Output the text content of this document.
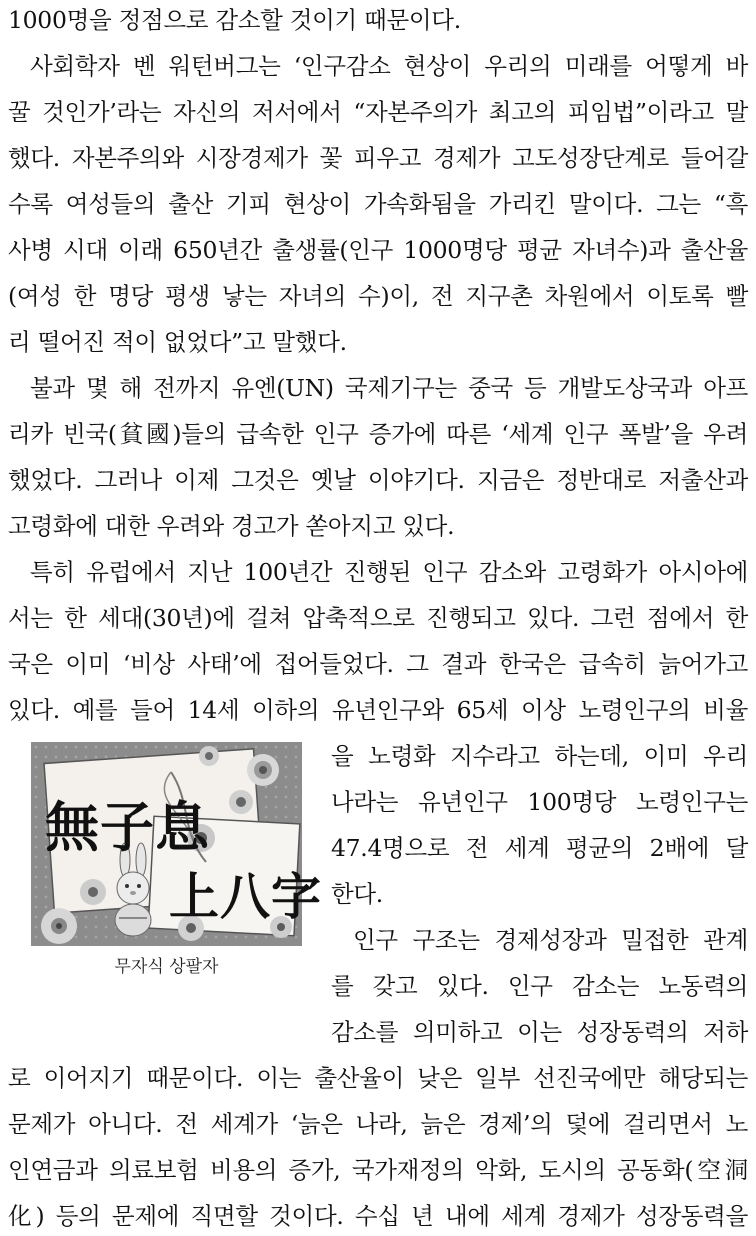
1000명을 정점으로 감소할 것이기 때문이다.
사회학자 벤 워턴버그는 ‘인구감소 현상이 우리의 미래를 어떻게 바
꿀 것인가’라는 자신의 저서에서 “자본주의가 최고의 피임법”이라고 말
했다. 자본주의와 시장경제가 꽃 피우고 경제가 고도성장단계로 들어갈
수록 여성들의 출산 기피 현상이 가속화됨을 가리킨 말이다. 그는 “흑
사병 시대 이래 650년간 출생률(인구 1000명당 평균 자녀수)과 출산율
(여성 한 명당 평생 낳는 자녀의 수)이, 전 지구촌 차원에서 이토록 빨
리 떨어진 적이 없었다”고 말했다.
불과 몇 해 전까지 유엔(UN) 국제기구는 중국 등 개발도상국과 아프
리카 빈국(貧國)들의 급속한 인구 증가에 따른 ‘세계 인구 폭발’을 우려
했었다. 그러나 이제 그것은 옛날 이야기다. 지금은 정반대로 저출산과
고령화에 대한 우려와 경고가 쏟아지고 있다.
특히 유럽에서 지난 100년간 진행된 인구 감소와 고령화가 아시아에
서는 한 세대(30년)에 걸쳐 압축적으로 진행되고 있다. 그런 점에서 한
국은 이미 ‘비상 사태’에 접어들었다. 그 결과 한국은 급속히 늙어가고
있다. 예를 들어 14세 이하의 유년인구와 65세 이상 노령인구의 비율
을 노령화 지수라고 하는데, 이미 우리
나라는 유년인구 100명당 노령인구는
47.4명으로 전 세계 평균의 2배에 달
한다.
인구 구조는 경제성장과 밀접한 관계
를 갖고 있다. 인구 감소는 노동력의
감소를 의미하고 이는 성장동력의 저하
로 이어지기 때문이다. 이는 출산율이 낮은 일부 선진국에만 해당되는
문제가 아니다. 전 세계가 ‘늙은 나라, 늙은 경제’의 덫에 걸리면서 노
인연금과 의료보험 비용의 증가, 국가재정의 악화, 도시의 공동화(空洞
化) 등의 문제에 직면할 것이다. 수십 년 내에 세계 경제가 성장동력을
無子息
上八字
무자식 상팔자
